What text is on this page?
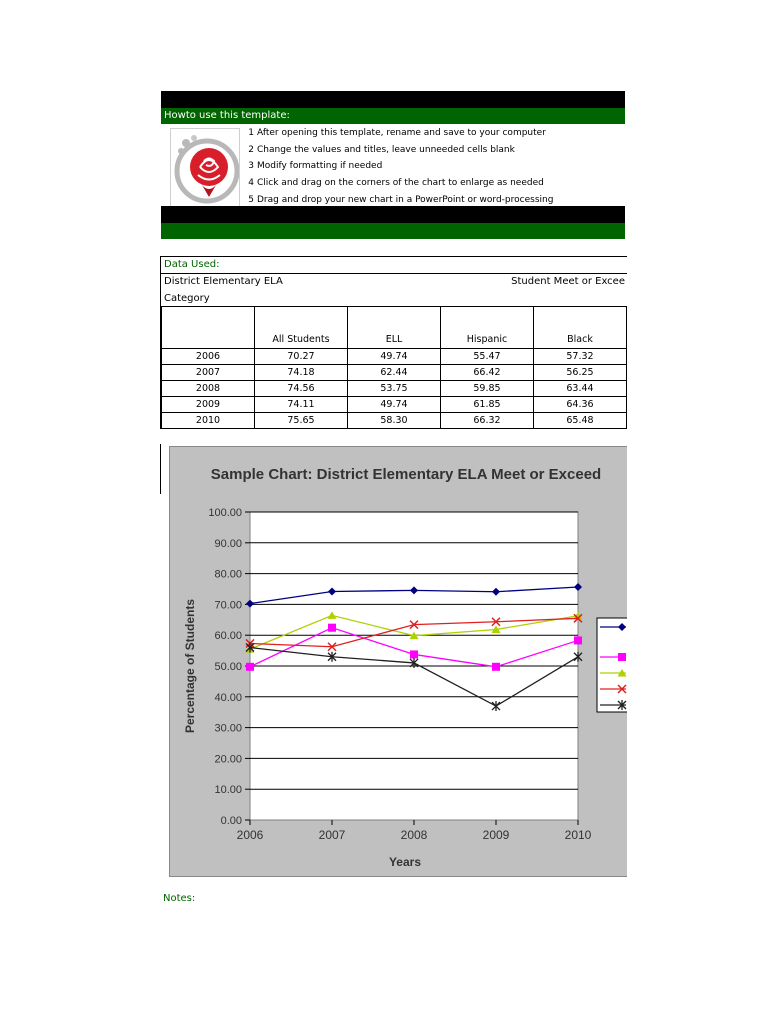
Howto use this template:
1 After opening this template, rename and save to your computer
2 Change the values and titles, leave unneeded cells blank
3 Modify formatting if needed
4 Click and drag on the corners of the chart to enlarge as needed
5 Drag and drop your new chart in a PowerPoint or word-processing
Data Used:
District Elementary ELA	Student Meet or Excee
Category
	All Students	ELL	Hispanic	Black
2006	70.27	49.74	55.47	57.32
2007	74.18	62.44	66.42	56.25
2008	74.56	53.75	59.85	63.44
2009	74.11	49.74	61.85	64.36
2010	75.65	58.30	66.32	65.48
Sample Chart: District Elementary ELA Meet or Exceed
0.00
10.00
20.00
30.00
40.00
50.00
60.00
70.00
80.00
90.00
100.00
2006	2007	2008	2009	2010
Percentage of Students
Years
Notes:
